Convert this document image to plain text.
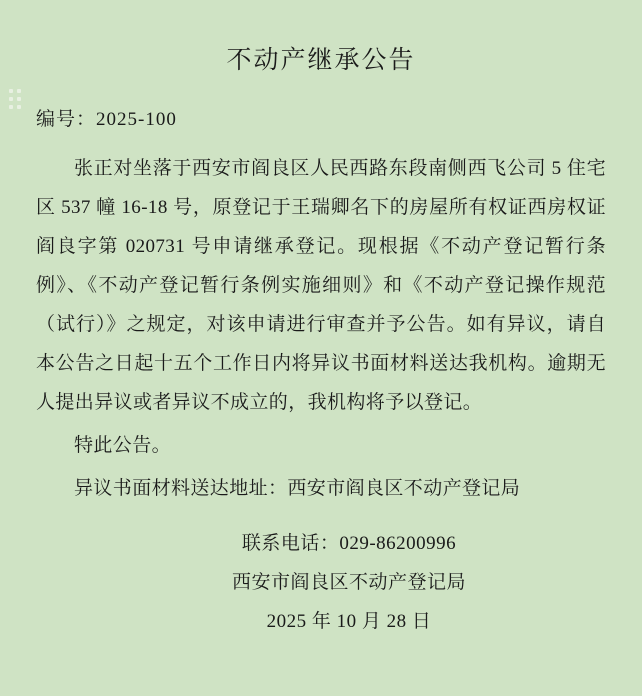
不动产继承公告
编号：2025-100

张正对坐落于西安市阎良区人民西路东段南侧西飞公司 5 住宅区 537 幢 16-18 号，原登记于王瑞卿名下的房屋所有权证西房权证阎良字第 020731 号申请继承登记。现根据《不动产登记暂行条例》、《不动产登记暂行条例实施细则》和《不动产登记操作规范（试行）》之规定，对该申请进行审查并予公告。如有异议，请自本公告之日起十五个工作日内将异议书面材料送达我机构。逾期无人提出异议或者异议不成立的，我机构将予以登记。

特此公告。

异议书面材料送达地址：西安市阎良区不动产登记局

联系电话：029-86200996
西安市阎良区不动产登记局
2025 年 10 月 28 日
